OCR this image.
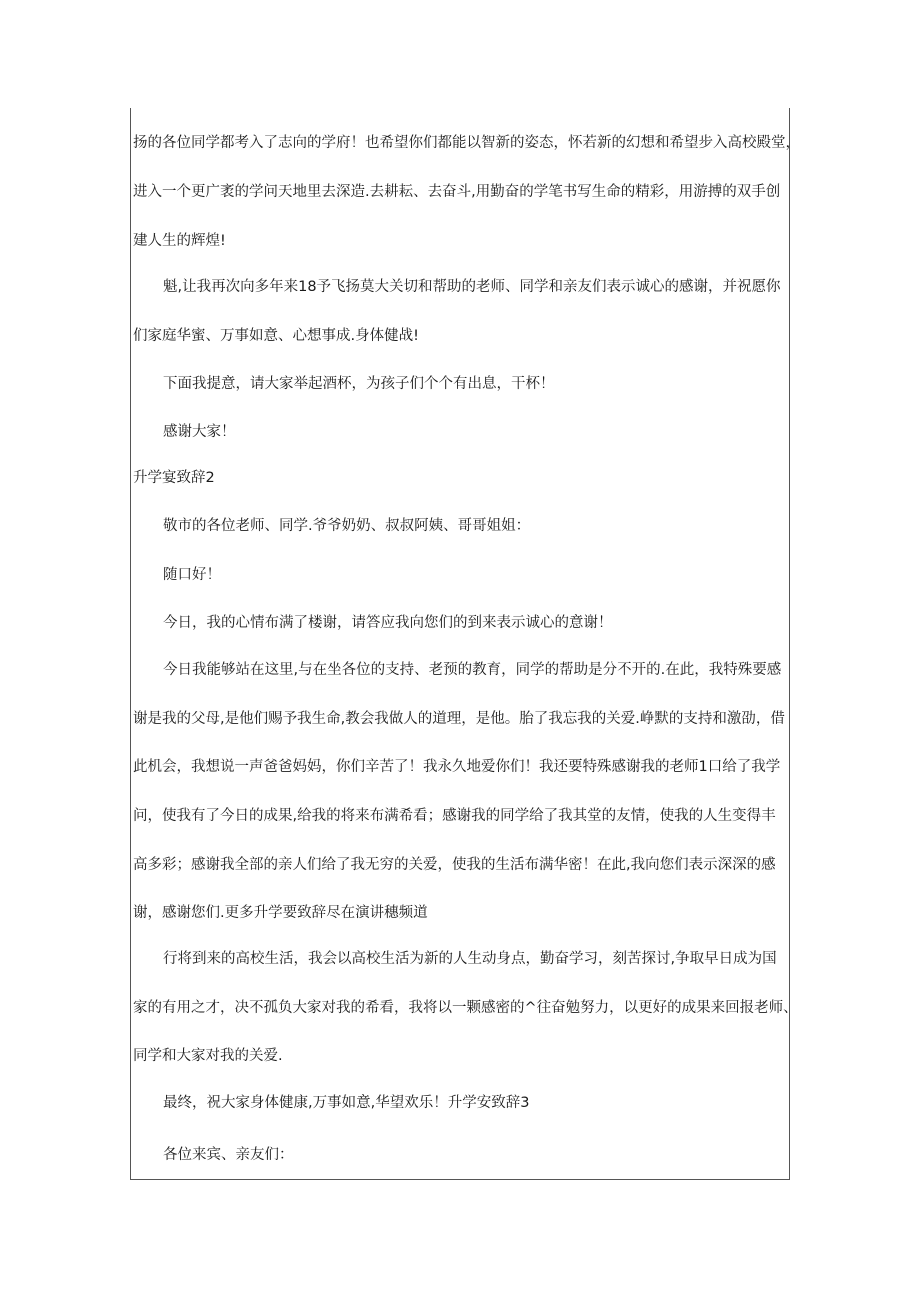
扬的各位同学都考入了志向的学府！也希望你们都能以智新的姿态，怀若新的幻想和希望步入高校殿堂，
进入一个更广袤的学问天地里去深造.去耕耘、去奋斗,用勤奋的学笔书写生命的精彩，用游搏的双手创
建人生的辉煌!
魁,让我再次向多年来18予飞扬莫大关切和帮助的老师、同学和亲友们表示诚心的感谢，并祝愿你
们家庭华蜜、万事如意、心想事成.身体健战!
下面我提意，请大家举起酒杯，为孩子们个个有出息，干杯！
感谢大家！
升学宴致辞2
敬市的各位老师、同学.爷爷奶奶、叔叔阿姨、哥哥姐姐：
随口好！
今日，我的心情布满了楼谢，请答应我向您们的到来表示诚心的意谢！
今日我能够站在这里,与在坐各位的支持、老预的教育，同学的帮助是分不开的.在此，我特殊要感
谢是我的父母,是他们赐予我生命,教会我做人的道理，是他。胎了我忘我的关爱.峥默的支持和激劭，借
此机会，我想说一声爸爸妈妈，你们辛苦了！我永久地爱你们！我还要特殊感谢我的老师1口给了我学
问，使我有了今日的成果,给我的将来布满希看；感谢我的同学给了我其堂的友情，使我的人生变得丰
高多彩；感谢我全部的亲人们给了我无穷的关爱，使我的生活布满华密！在此,我向您们表示深深的感
谢，感谢您们.更多升学要致辞尽在演讲穗频道
行将到来的高校生活，我会以高校生活为新的人生动身点，勤奋学习，刻苦探讨,争取早日成为国
家的有用之才，决不孤负大家对我的希看，我将以一颗感密的^往奋勉努力，以更好的成果来回报老师、
同学和大家对我的关爱.
最终，祝大家身体健康,万事如意,华望欢乐！升学安致辞3
各位来宾、亲友们：
